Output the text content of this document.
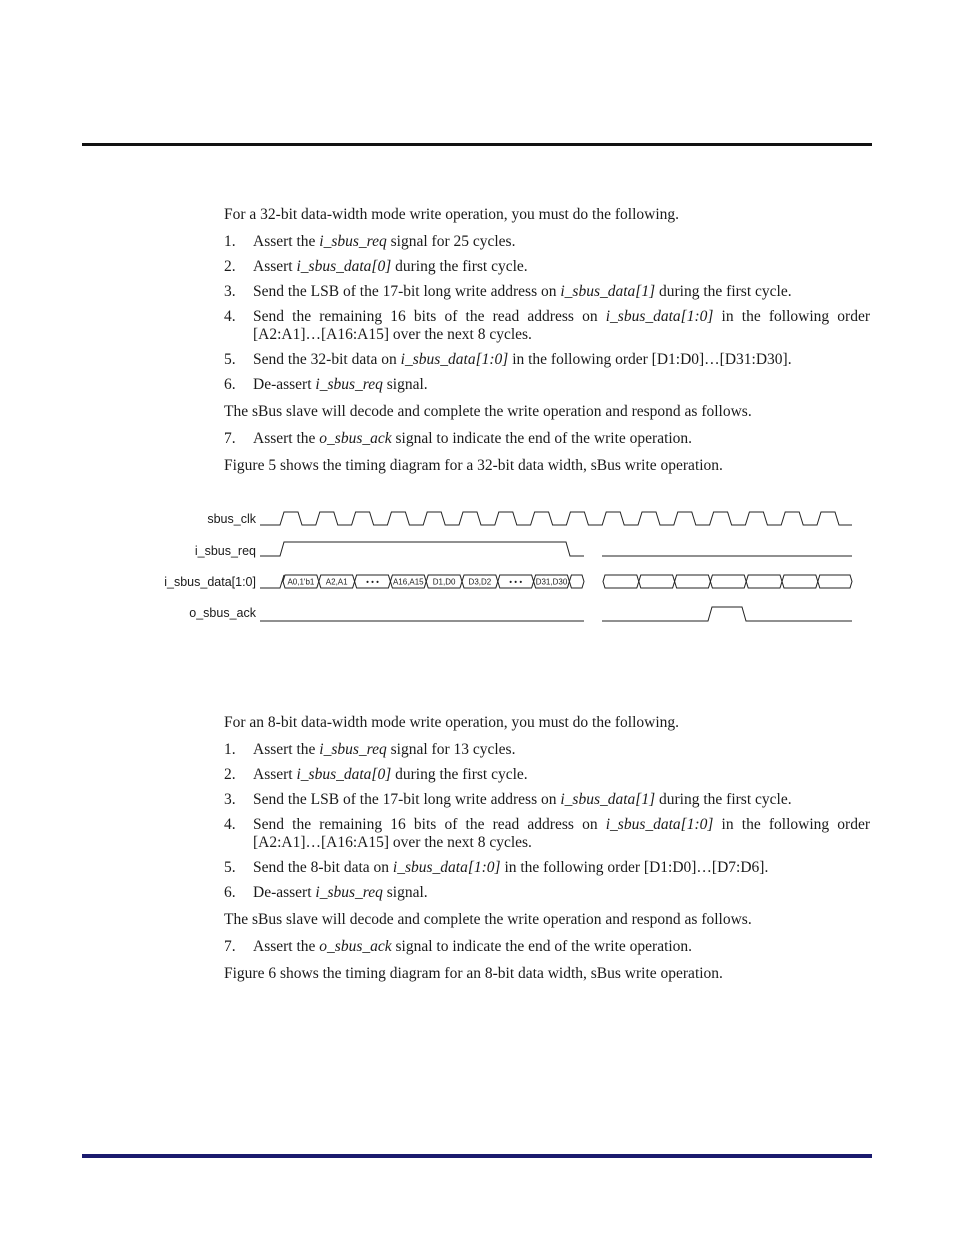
For a 32-bit data-width mode write operation, you must do the following.

1.	Assert the i_sbus_req signal for 25 cycles.
2.	Assert i_sbus_data[0] during the first cycle.
3.	Send the LSB of the 17-bit long write address on i_sbus_data[1] during the first cycle.
4.	Send the remaining 16 bits of the read address on i_sbus_data[1:0] in the following order [A2:A1]…[A16:A15] over the next 8 cycles.
5.	Send the 32-bit data on i_sbus_data[1:0] in the following order [D1:D0]…[D31:D30].
6.	De-assert i_sbus_req signal.

The sBus slave will decode and complete the write operation and respond as follows.

7.	Assert the o_sbus_ack signal to indicate the end of the write operation.

Figure 5 shows the timing diagram for a 32-bit data width, sBus write operation.

sbus_clk
i_sbus_req
i_sbus_data[1:0]
o_sbus_ack
A0,1'b1 A2,A1 • • • A16,A15 D1,D0 D3,D2 • • • D31,D30

For an 8-bit data-width mode write operation, you must do the following.

1.	Assert the i_sbus_req signal for 13 cycles.
2.	Assert i_sbus_data[0] during the first cycle.
3.	Send the LSB of the 17-bit long write address on i_sbus_data[1] during the first cycle.
4.	Send the remaining 16 bits of the read address on i_sbus_data[1:0] in the following order [A2:A1]…[A16:A15] over the next 8 cycles.
5.	Send the 8-bit data on i_sbus_data[1:0] in the following order [D1:D0]…[D7:D6].
6.	De-assert i_sbus_req signal.

The sBus slave will decode and complete the write operation and respond as follows.

7.	Assert the o_sbus_ack signal to indicate the end of the write operation.

Figure 6 shows the timing diagram for an 8-bit data width, sBus write operation.
